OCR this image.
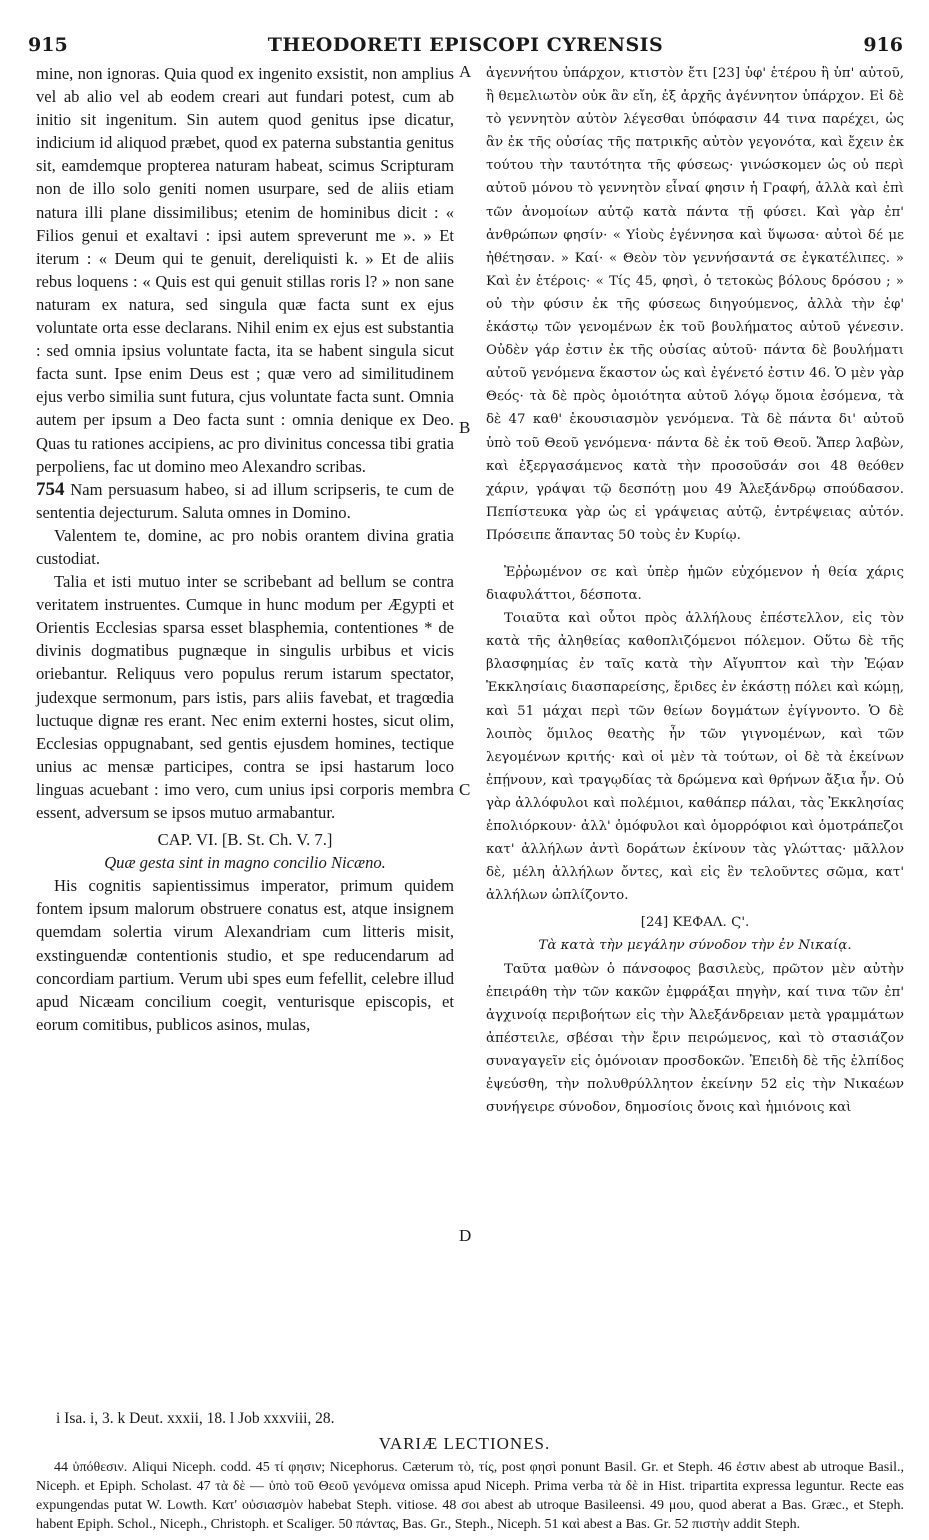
915	THEODORETI EPISCOPI CYRENSIS	916
A
B
C
D

mine, non ignoras. Quia quod ex ingenito exsistit, non amplius vel ab alio vel ab eodem creari aut fundari potest, cum ab initio sit ingenitum. Sin autem quod genitus ipse dicatur, indicium id aliquod præbet, quod ex paterna substantia genitus sit, eamdemque propterea naturam habeat, scimus Scripturam non de illo solo geniti nomen usurpare, sed de aliis etiam natura illi plane dissimilibus; etenim de hominibus dicit : « Filios genui et exaltavi : ipsi autem spreverunt me ». » Et iterum : « Deum qui te genuit, dereliquisti k. » Et de aliis rebus loquens : « Quis est qui genuit stillas roris l? » non sane naturam ex natura, sed singula quæ facta sunt ex ejus voluntate orta esse declarans. Nihil enim ex ejus est substantia : sed omnia ipsius voluntate facta, ita se habent singula sicut facta sunt. Ipse enim Deus est ; quæ vero ad similitudinem ejus verbo similia sunt futura, cjus voluntate facta sunt. Omnia autem per ipsum a Deo facta sunt : omnia denique ex Deo. Quas tu rationes accipiens, ac pro divinitus concessa tibi gratia perpoliens, fac ut domino meo Alexandro scribas.

754 Nam persuasum habeo, si ad illum scripseris, te cum de sententia dejecturum. Saluta omnes in Domino.

Valentem te, domine, ac pro nobis orantem divina gratia custodiat.

Talia et isti mutuo inter se scribebant ad bellum se contra veritatem instruentes. Cumque in hunc modum per Ægypti et Orientis Ecclesias sparsa esset blasphemia, contentiones * de divinis dogmatibus pugnæque in singulis urbibus et vicis oriebantur. Reliquus vero populus rerum istarum spectator, judexque sermonum, pars istis, pars aliis favebat, et tragœdia luctuque dignæ res erant. Nec enim externi hostes, sicut olim, Ecclesias oppugnabant, sed gentis ejusdem homines, tectique unius ac mensæ participes, contra se ipsi hastarum loco linguas acuebant : imo vero, cum unius ipsi corporis membra essent, adversum se ipsos mutuo armabantur.

CAP. VI. [B. St. Ch. V. 7.]

Quæ gesta sint in magno concilio Nicæno.

His cognitis sapientissimus imperator, primum quidem fontem ipsum malorum obstruere conatus est, atque insignem quemdam solertia virum Alexandriam cum litteris misit, exstinguendæ contentionis studio, et spe reducendarum ad concordiam partium. Verum ubi spes eum fefellit, celebre illud apud Nicæam concilium coegit, venturisque episcopis, et eorum comitibus, publicos asinos, mulas,

ἀγεννήτου ὑπάρχον, κτιστὸν ἔτι [23] ὑφ' ἑτέρου ἢ ὑπ' αὐτοῦ, ἢ θεμελιωτὸν οὐκ ἂν εἴη, ἐξ ἀρχῆς ἀγέννητον ὑπάρχον. Εἰ δὲ τὸ γεννητὸν αὐτὸν λέγεσθαι ὑπόφασιν 44 τινα παρέχει, ὡς ἂν ἐκ τῆς οὐσίας τῆς πατρικῆς αὐτὸν γεγονότα, καὶ ἔχειν ἐκ τούτου τὴν ταυτότητα τῆς φύσεως· γινώσκομεν ὡς οὐ περὶ αὐτοῦ μόνου τὸ γεννητὸν εἶναί φησιν ἡ Γραφή, ἀλλὰ καὶ ἐπὶ τῶν ἀνομοίων αὐτῷ κατὰ πάντα τῇ φύσει. Καὶ γὰρ ἐπ' ἀνθρώπων φησίν· « Υἱοὺς ἐγέννησα καὶ ὕψωσα· αὐτοὶ δέ με ἠθέτησαν. » Καί· « Θεὸν τὸν γεννήσαντά σε ἐγκατέλιπες. » Καὶ ἐν ἑτέροις· « Τίς 45, φησὶ, ὁ τετοκὼς βόλους δρόσου ; » οὐ τὴν φύσιν ἐκ τῆς φύσεως διηγούμενος, ἀλλὰ τὴν ἐφ' ἑκάστῳ τῶν γενομένων ἐκ τοῦ βουλήματος αὐτοῦ γένεσιν. Οὐδὲν γάρ ἐστιν ἐκ τῆς οὐσίας αὐτοῦ· πάντα δὲ βουλήματι αὐτοῦ γενόμενα ἕκαστον ὡς καὶ ἐγένετό ἐστιν 46. Ὁ μὲν γὰρ Θεός· τὰ δὲ πρὸς ὁμοιότητα αὐτοῦ λόγῳ ὅμοια ἐσόμενα, τὰ δὲ 47 καθ' ἑκουσιασμὸν γενόμενα. Τὰ δὲ πάντα δι' αὐτοῦ ὑπὸ τοῦ Θεοῦ γενόμενα· πάντα δὲ ἐκ τοῦ Θεοῦ. Ἅπερ λαβὼν, καὶ ἐξεργασάμενος κατὰ τὴν προσοῦσάν σοι 48 θεόθεν χάριν, γράψαι τῷ δεσπότῃ μου 49 Ἀλεξάνδρῳ σπούδασον. Πεπίστευκα γὰρ ὡς εἰ γράψειας αὐτῷ, ἐντρέψειας αὐτόν. Πρόσειπε ἅπαντας 50 τοὺς ἐν Κυρίῳ.

Ἐῤῥωμένον σε καὶ ὑπὲρ ἡμῶν εὐχόμενον ἡ θεία χάρις διαφυλάττοι, δέσποτα.

Τοιαῦτα καὶ οὗτοι πρὸς ἀλλήλους ἐπέστελλον, εἰς τὸν κατὰ τῆς ἀληθείας καθοπλιζόμενοι πόλεμον. Οὕτω δὲ τῆς βλασφημίας ἐν ταῖς κατὰ τὴν Αἴγυπτον καὶ τὴν Ἑῴαν Ἐκκλησίαις διασπαρείσης, ἔριδες ἐν ἑκάστῃ πόλει καὶ κώμῃ, καὶ 51 μάχαι περὶ τῶν θείων δογμάτων ἐγίγνοντο. Ὁ δὲ λοιπὸς ὅμιλος θεατὴς ἦν τῶν γιγνομένων, καὶ τῶν λεγομένων κριτής· καὶ οἱ μὲν τὰ τούτων, οἱ δὲ τὰ ἐκείνων ἐπῄνουν, καὶ τραγῳδίας τὰ δρώμενα καὶ θρήνων ἄξια ἦν. Οὐ γὰρ ἀλλόφυλοι καὶ πολέμιοι, καθάπερ πάλαι, τὰς Ἐκκλησίας ἐπολιόρκουν· ἀλλ' ὁμόφυλοι καὶ ὁμορρόφιοι καὶ ὁμοτράπεζοι κατ' ἀλλήλων ἀντὶ δοράτων ἐκίνουν τὰς γλώττας· μᾶλλον δὲ, μέλη ἀλλήλων ὄντες, καὶ εἰς ἓν τελοῦντες σῶμα, κατ' ἀλλήλων ὡπλίζοντο.

[24] ΚΕΦΑΛ. Ϛ'.

Τὰ κατὰ τὴν μεγάλην σύνοδον τὴν ἐν Νικαίᾳ.

Ταῦτα μαθὼν ὁ πάνσοφος βασιλεὺς, πρῶτον μὲν αὐτὴν ἐπειράθη τὴν τῶν κακῶν ἐμφράξαι πηγὴν, καί τινα τῶν ἐπ' ἀγχινοίᾳ περιβοήτων εἰς τὴν Ἀλεξάνδρειαν μετὰ γραμμάτων ἀπέστειλε, σβέσαι τὴν ἔριν πειρώμενος, καὶ τὸ στασιάζον συναγαγεῖν εἰς ὁμόνοιαν προσδοκῶν. Ἐπειδὴ δὲ τῆς ἐλπίδος ἐψεύσθη, τὴν πολυθρύλλητον ἐκείνην 52 εἰς τὴν Νικαέων συνήγειρε σύνοδον, δημοσίοις ὄνοις καὶ ἡμιόνοις καὶ

i Isa. i, 3. k Deut. xxxii, 18. l Job xxxviii, 28.
VARIÆ LECTIONES.
44 ὑπόθεσιν. Aliqui Niceph. codd. 45 τί φησιν; Nicephorus. Cæterum τὸ, τίς, post φησὶ ponunt Basil. Gr. et Steph. 46 ἐστιν abest ab utroque Basil., Niceph. et Epiph. Scholast. 47 τὰ δὲ — ὑπὸ τοῦ Θεοῦ γενόμενα omissa apud Niceph. Prima verba τὰ δὲ in Hist. tripartita expressa leguntur. Recte eas expungendas putat W. Lowth. Κατ' οὐσιασμὸν habebat Steph. vitiose. 48 σοι abest ab utroque Basileensi. 49 μου, quod aberat a Bas. Græc., et Steph. habent Epiph. Schol., Niceph., Christoph. et Scaliger. 50 πάντας, Bas. Gr., Steph., Niceph. 51 καὶ abest a Bas. Gr. 52 πιστὴν addit Steph.
